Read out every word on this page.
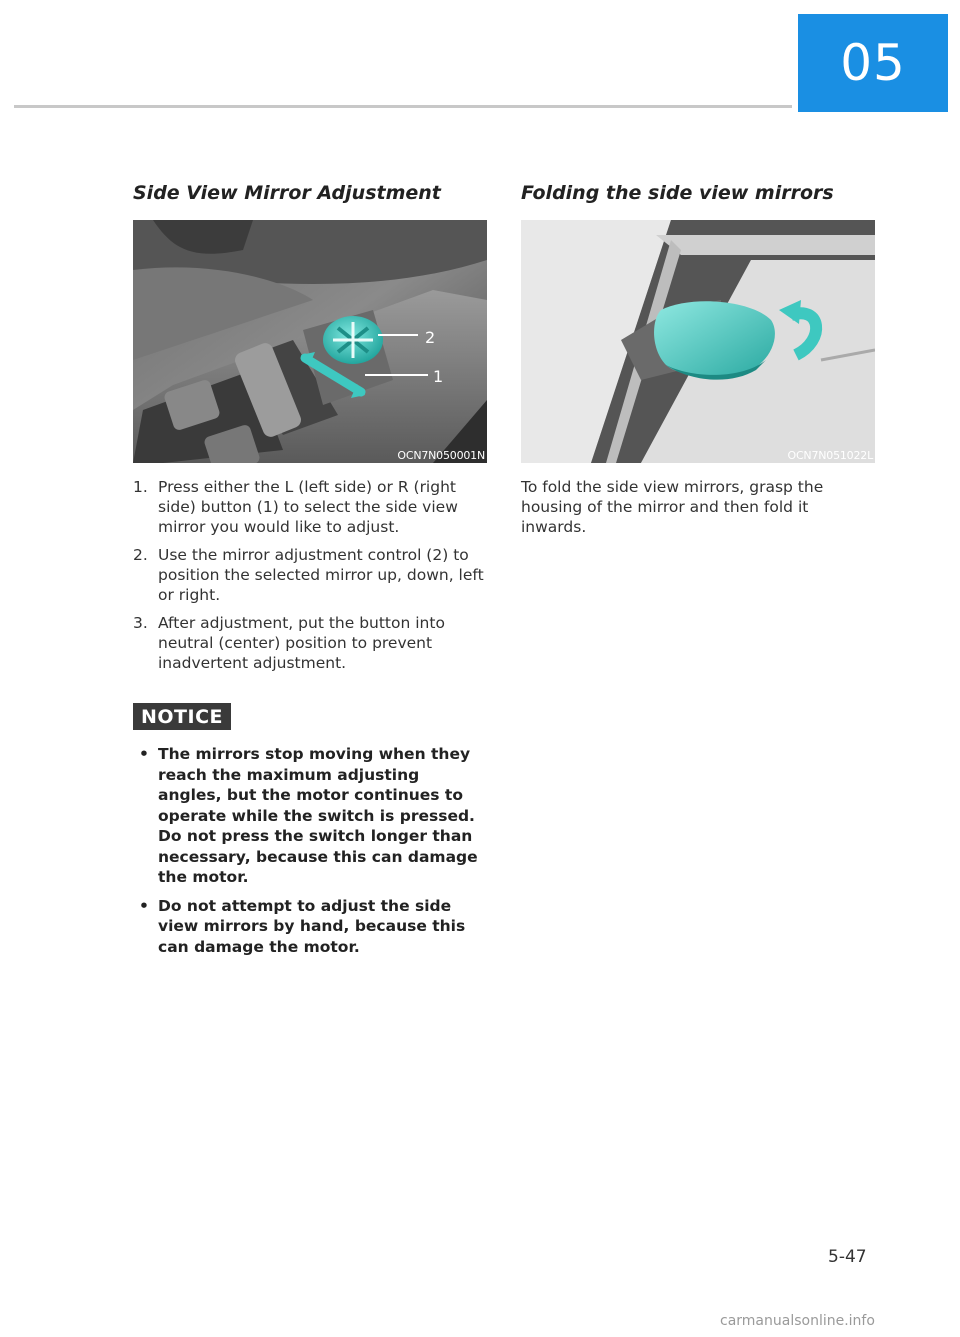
05
Side View Mirror Adjustment
2
1
OCN7N050001N
1. Press either the L (left side) or R (right side) button (1) to select the side view mirror you would like to adjust.
2. Use the mirror adjustment control (2) to position the selected mirror up, down, left or right.
3. After adjustment, put the button into neutral (center) position to prevent inadvertent adjustment.
NOTICE
• The mirrors stop moving when they reach the maximum adjusting angles, but the motor continues to operate while the switch is pressed. Do not press the switch longer than necessary, because this can damage the motor.
• Do not attempt to adjust the side view mirrors by hand, because this can damage the motor.
Folding the side view mirrors
OCN7N051022L

To fold the side view mirrors, grasp the housing of the mirror and then fold it inwards.

5-47
carmanualsonline.info
